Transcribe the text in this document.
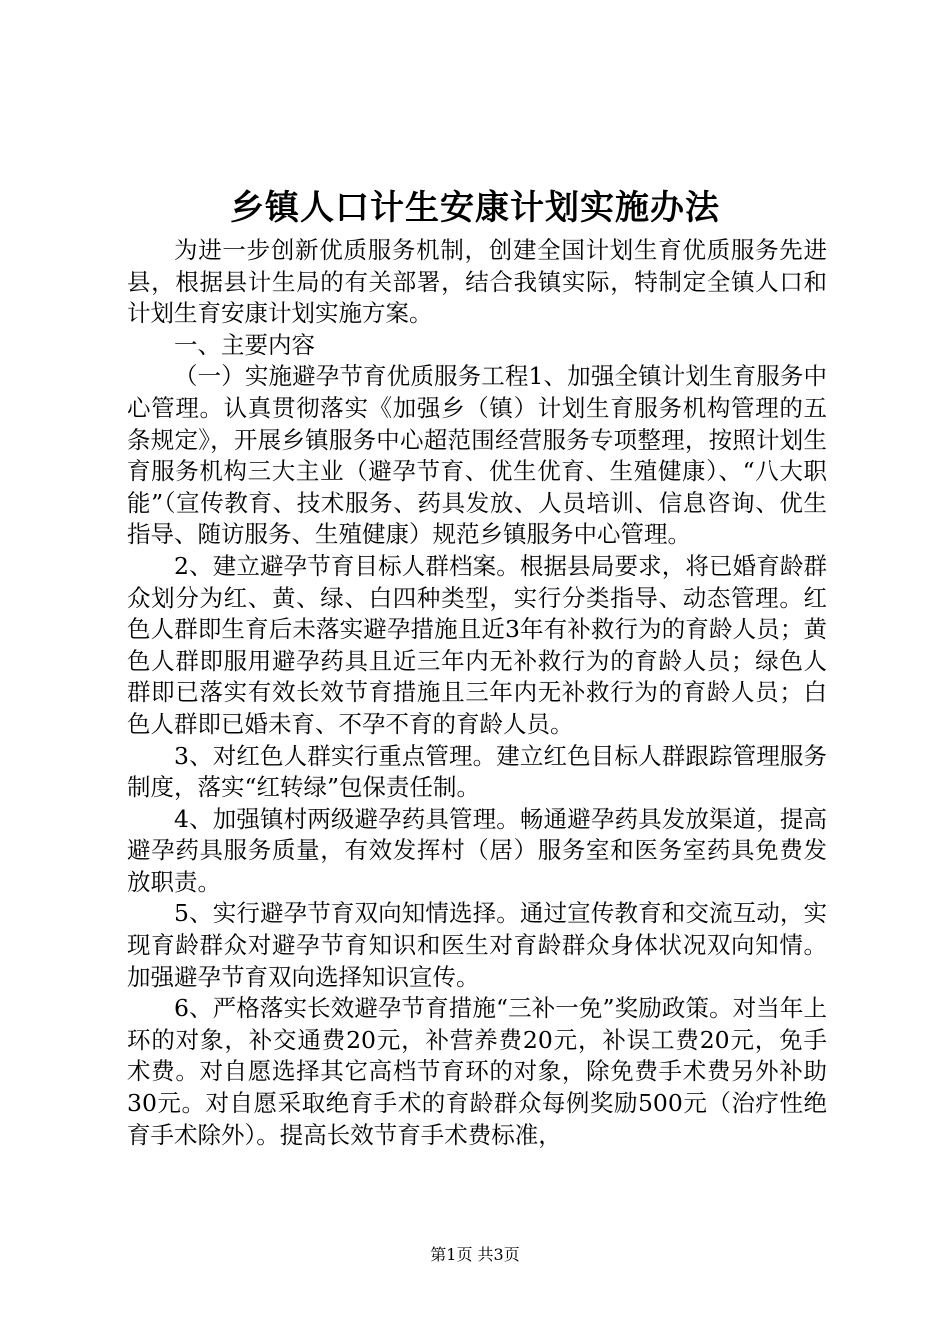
乡镇人口计生安康计划实施办法

为进一步创新优质服务机制，创建全国计划生育优质服务先进县，根据县计生局的有关部署，结合我镇实际，特制定全镇人口和计划生育安康计划实施方案。

一、主要内容

（一）实施避孕节育优质服务工程1、加强全镇计划生育服务中心管理。认真贯彻落实《加强乡（镇）计划生育服务机构管理的五条规定》，开展乡镇服务中心超范围经营服务专项整理，按照计划生育服务机构三大主业（避孕节育、优生优育、生殖健康）、“八大职能”（宣传教育、技术服务、药具发放、人员培训、信息咨询、优生指导、随访服务、生殖健康）规范乡镇服务中心管理。

2、建立避孕节育目标人群档案。根据县局要求，将已婚育龄群众划分为红、黄、绿、白四种类型，实行分类指导、动态管理。红色人群即生育后未落实避孕措施且近3年有补救行为的育龄人员；黄色人群即服用避孕药具且近三年内无补救行为的育龄人员；绿色人群即已落实有效长效节育措施且三年内无补救行为的育龄人员；白色人群即已婚未育、不孕不育的育龄人员。

3、对红色人群实行重点管理。建立红色目标人群跟踪管理服务制度，落实“红转绿”包保责任制。

4、加强镇村两级避孕药具管理。畅通避孕药具发放渠道，提高避孕药具服务质量，有效发挥村（居）服务室和医务室药具免费发放职责。

5、实行避孕节育双向知情选择。通过宣传教育和交流互动，实现育龄群众对避孕节育知识和医生对育龄群众身体状况双向知情。加强避孕节育双向选择知识宣传。

6、严格落实长效避孕节育措施“三补一免”奖励政策。对当年上环的对象，补交通费20元，补营养费20元，补误工费20元，免手术费。对自愿选择其它高档节育环的对象，除免费手术费另外补助30元。对自愿采取绝育手术的育龄群众每例奖励500元（治疗性绝育手术除外）。提高长效节育手术费标准，

第1页 共3页
